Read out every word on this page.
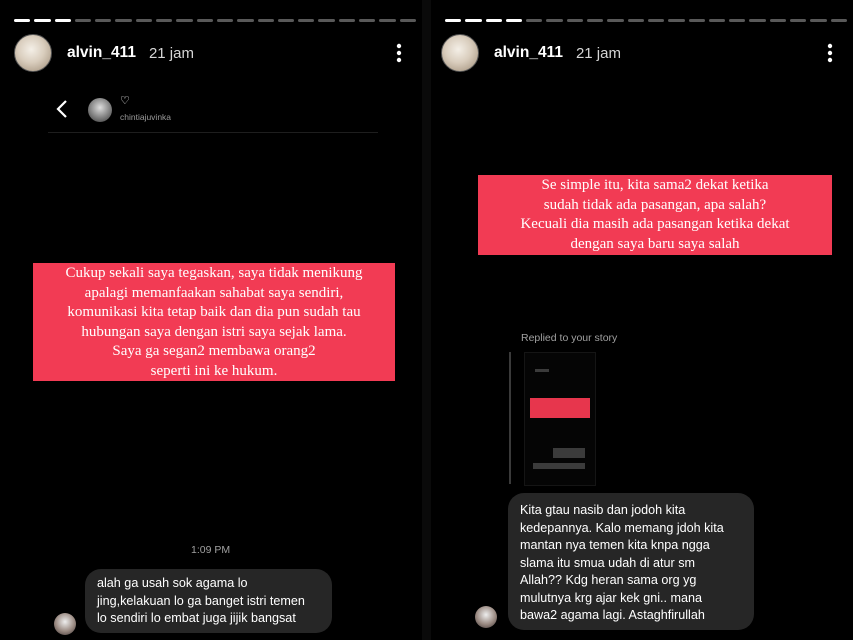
alvin_411 21 jam
♡
chintiajuvinka
Cukup sekali saya tegaskan, saya tidak menikung
apalagi memanfaakan sahabat saya sendiri,
komunikasi kita tetap baik dan dia pun sudah tau
hubungan saya dengan istri saya sejak lama.
Saya ga segan2 membawa orang2
seperti ini ke hukum.
1:09 PM
alah ga usah sok agama lo
jing,kelakuan lo ga banget istri temen
lo sendiri lo embat juga jijik bangsat
alvin_411 21 jam
Se simple itu, kita sama2 dekat ketika
sudah tidak ada pasangan, apa salah?
Kecuali dia masih ada pasangan ketika dekat
dengan saya baru saya salah
Replied to your story
Kita gtau nasib dan jodoh kita
kedepannya. Kalo memang jdoh kita
mantan nya temen kita knpa ngga
slama itu smua udah di atur sm
Allah?? Kdg heran sama org yg
mulutnya krg ajar kek gni.. mana
bawa2 agama lagi. Astaghfirullah
